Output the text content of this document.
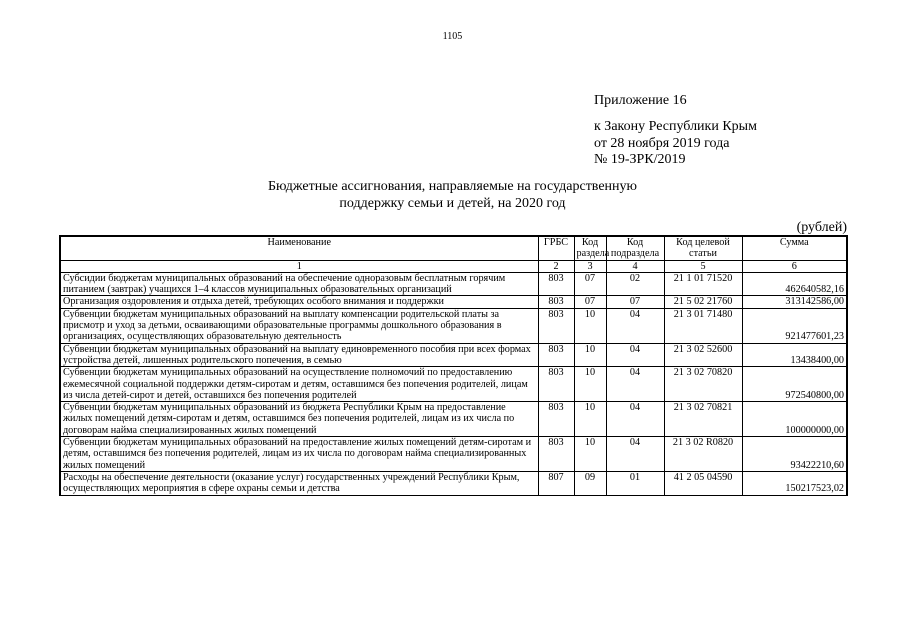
1105
Приложение 16
к Закону Республики Крым
от 28 ноября 2019 года
№ 19-ЗРК/2019
Бюджетные ассигнования, направляемые на государственную
поддержку семьи и детей, на 2020 год
(рублей)
Наименование	ГРБС	Код раздела	Код подраздела	Код целевой статьи	Сумма
1	2	3	4	5	6
Субсидии бюджетам муниципальных образований на обеспечение одноразовым бесплатным горячим питанием (завтрак) учащихся 1–4 классов муниципальных образовательных организаций	803	07	02	21 1 01 71520	462640582,16
Организация оздоровления и отдыха детей, требующих особого внимания и поддержки	803	07	07	21 5 02 21760	313142586,00
Субвенции бюджетам муниципальных образований на выплату компенсации родительской платы за присмотр и уход за детьми, осваивающими образовательные программы дошкольного образования в организациях, осуществляющих образовательную деятельность	803	10	04	21 3 01 71480	921477601,23
Субвенции бюджетам муниципальных образований на выплату единовременного пособия при всех формах устройства детей, лишенных родительского попечения, в семью	803	10	04	21 3 02 52600	13438400,00
Субвенции бюджетам муниципальных образований на осуществление полномочий по предоставлению ежемесячной социальной поддержки детям-сиротам и детям, оставшимся без попечения родителей, лицам из числа детей-сирот и детей, оставшихся без попечения родителей	803	10	04	21 3 02 70820	972540800,00
Субвенции бюджетам муниципальных образований из бюджета Республики Крым на предоставление жилых помещений детям-сиротам и детям, оставшимся без попечения родителей, лицам из их числа по договорам найма специализированных жилых помещений	803	10	04	21 3 02 70821	100000000,00
Субвенции бюджетам муниципальных образований на предоставление жилых помещений детям-сиротам и детям, оставшимся без попечения родителей, лицам из их числа по договорам найма специализированных жилых помещений	803	10	04	21 3 02 R0820	93422210,60
Расходы на обеспечение деятельности (оказание услуг) государственных учреждений Республики Крым, осуществляющих мероприятия в сфере охраны семьи и детства	807	09	01	41 2 05 04590	150217523,02
